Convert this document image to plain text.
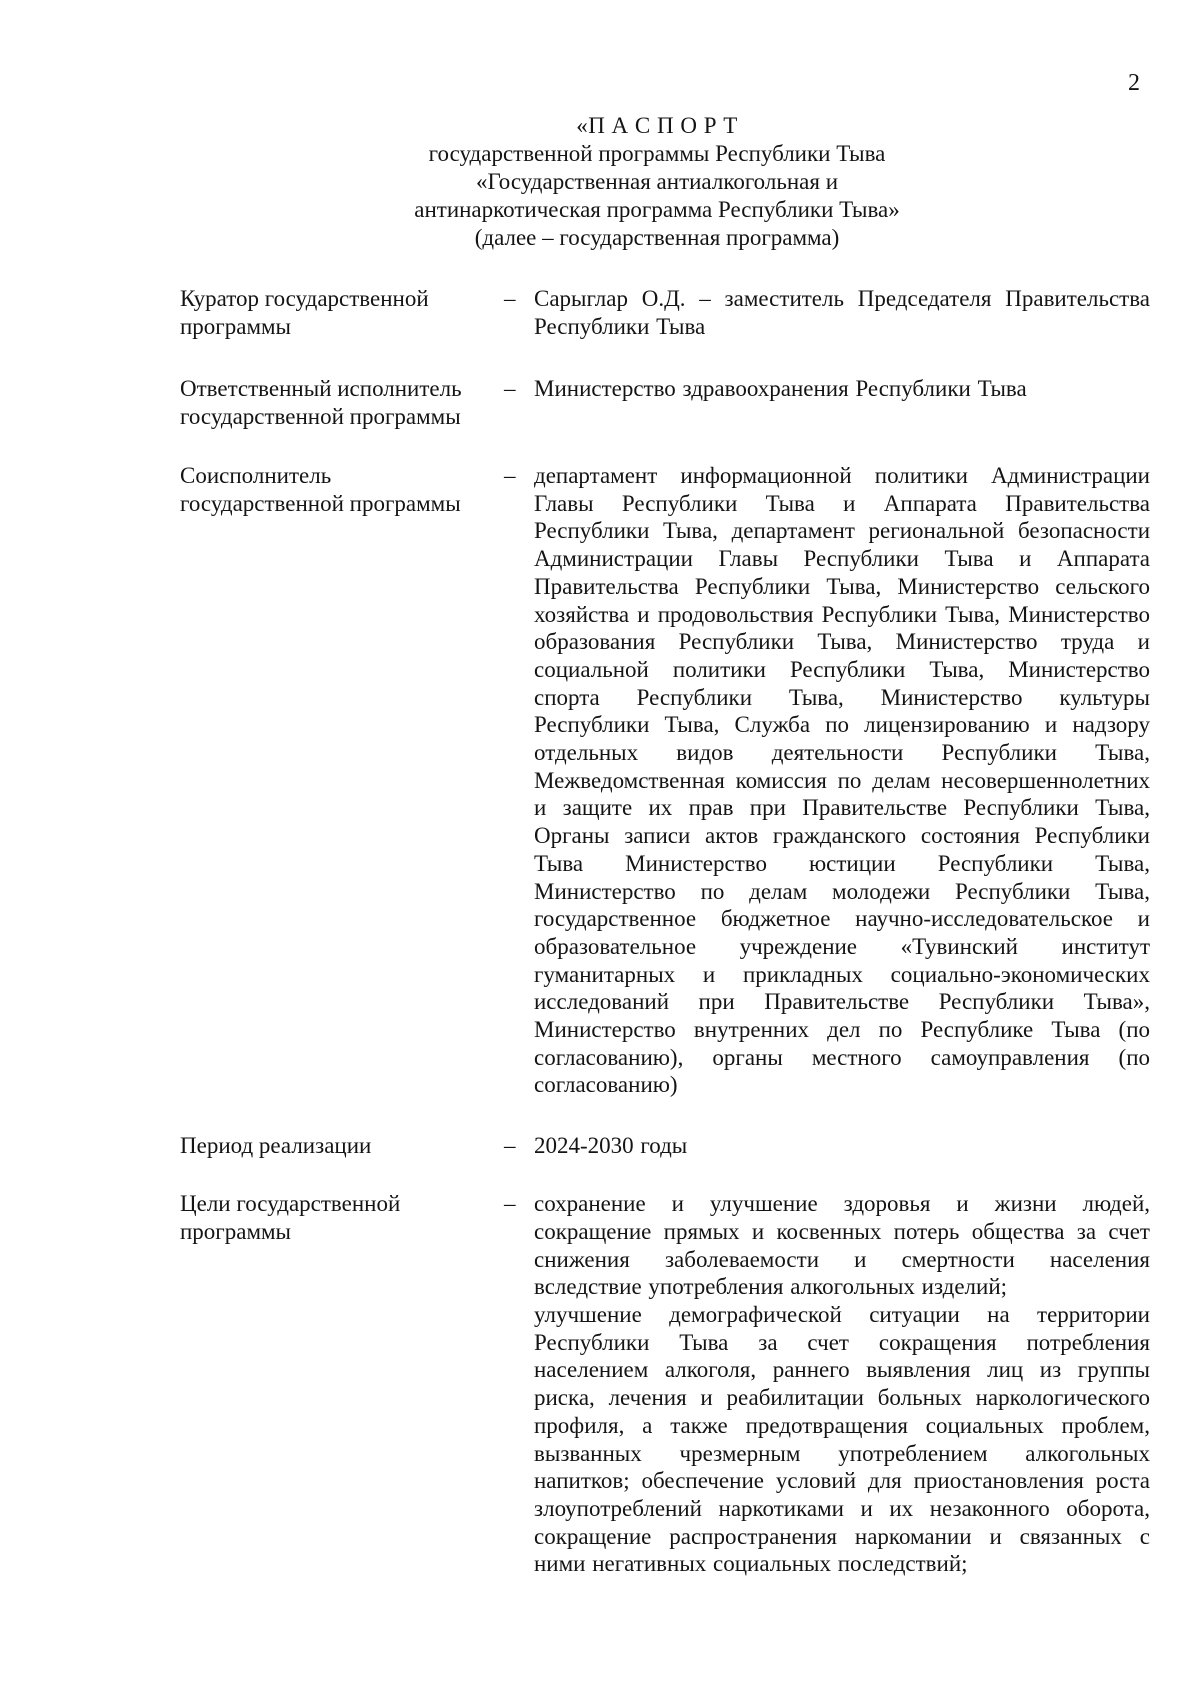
2
«П А С П О Р Т
государственной программы Республики Тыва
«Государственная антиалкогольная и
антинаркотическая программа Республики Тыва»
(далее – государственная программа)
Куратор государственной программы
– Сарыглар О.Д. – заместитель Председателя Правительства Республики Тыва

Ответственный исполнитель государственной программы
– Министерство здравоохранения Республики Тыва

Соисполнитель государственной программы
– департамент информационной политики Администрации Главы Республики Тыва и Аппарата Правительства Республики Тыва, департамент региональной безопасности Администрации Главы Республики Тыва и Аппарата Правительства Республики Тыва, Министерство сельского хозяйства и продовольствия Республики Тыва, Министерство образования Республики Тыва, Министерство труда и социальной политики Республики Тыва, Министерство спорта Республики Тыва, Министерство культуры Республики Тыва, Служба по лицензированию и надзору отдельных видов деятельности Республики Тыва, Межведомственная комиссия по делам несовершеннолетних и защите их прав при Правительстве Республики Тыва, Органы записи актов гражданского состояния Республики Тыва Министерство юстиции Республики Тыва, Министерство по делам молодежи Республики Тыва, государственное бюджетное научно-исследовательское и образовательное учреждение «Тувинский институт гуманитарных и прикладных социально-экономических исследований при Правительстве Республики Тыва», Министерство внутренних дел по Республике Тыва (по согласованию), органы местного самоуправления (по согласованию)

Период реализации	– 2024-2030 годы

Цели государственной программы
– сохранение и улучшение здоровья и жизни людей, сокращение прямых и косвенных потерь общества за счет снижения заболеваемости и смертности населения вследствие употребления алкогольных изделий;

улучшение демографической ситуации на территории Республики Тыва за счет сокращения потребления населением алкоголя, раннего выявления лиц из группы риска, лечения и реабилитации больных наркологического профиля, а также предотвращения социальных проблем, вызванных чрезмерным употреблением алкогольных напитков; обеспечение условий для приостановления роста злоупотреблений наркотиками и их незаконного оборота, сокращение распространения наркомании и связанных с ними негативных социальных последствий;
